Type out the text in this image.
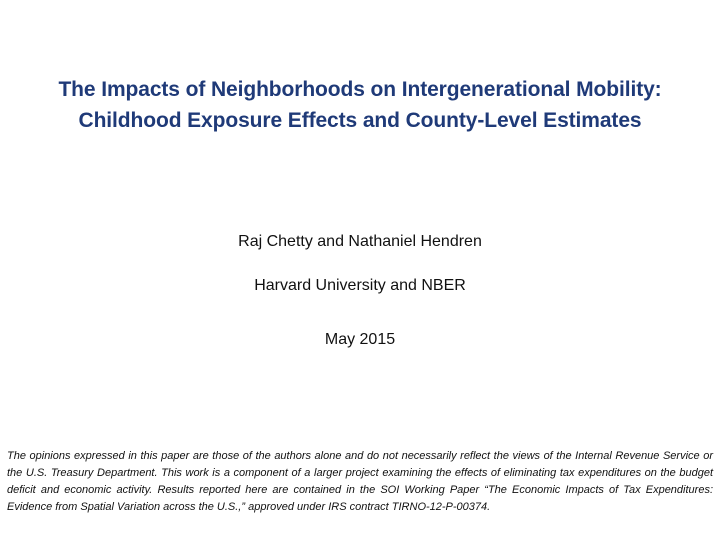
The Impacts of Neighborhoods on Intergenerational Mobility:
Childhood Exposure Effects and County-Level Estimates
Raj Chetty and Nathaniel Hendren
Harvard University and NBER
May 2015
The opinions expressed in this paper are those of the authors alone and do not necessarily reflect the views of the Internal Revenue Service or the U.S. Treasury Department. This work is a component of a larger project examining the effects of eliminating tax expenditures on the budget deficit and economic activity. Results reported here are contained in the SOI Working Paper “The Economic Impacts of Tax Expenditures: Evidence from Spatial Variation across the U.S.,” approved under IRS contract TIRNO-12-P-00374.
